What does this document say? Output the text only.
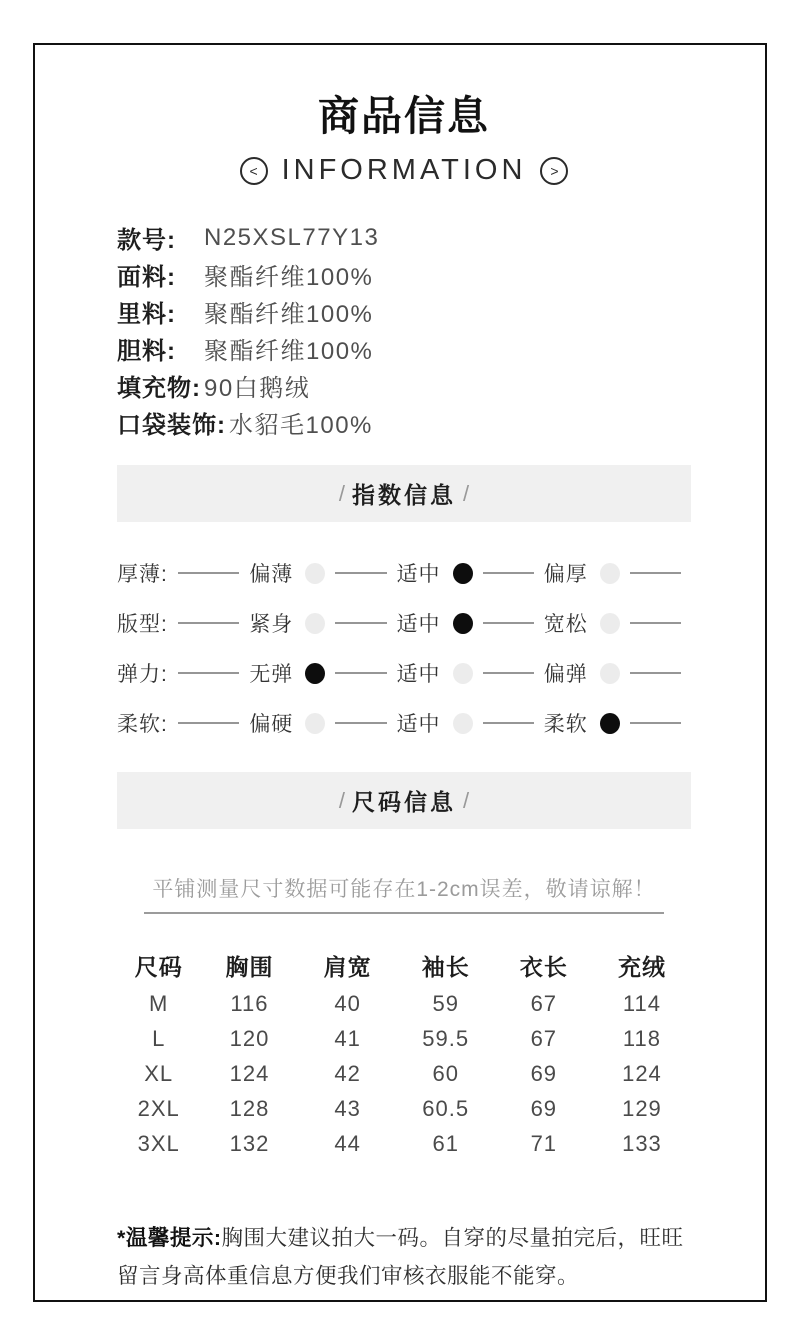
商品信息
< INFORMATION	>
款号: N25XSL77Y13
面料: 聚酯纤维100%
里料: 聚酯纤维100%
胆料: 聚酯纤维100%
填充物: 90白鹅绒
口袋装饰: 水貂毛100%
/ 指数信息 /
厚薄:	偏薄	适中	偏厚
版型:	紧身	适中	宽松
弹力:	无弹	适中	偏弹
柔软:	偏硬	适中	柔软
/ 尺码信息 /
平铺测量尺寸数据可能存在1-2cm误差，敬请谅解！
尺码	胸围	肩宽	袖长	衣长	充绒
M	116	40	59	67	114
L	120	41	59.5	67	118
XL	124	42	60	69	124
2XL	128	43	60.5	69	129
3XL	132	44	61	71	133
*温馨提示:胸围大建议拍大一码。自穿的尽量拍完后，旺旺留言身高体重信息方便我们审核衣服能不能穿。
